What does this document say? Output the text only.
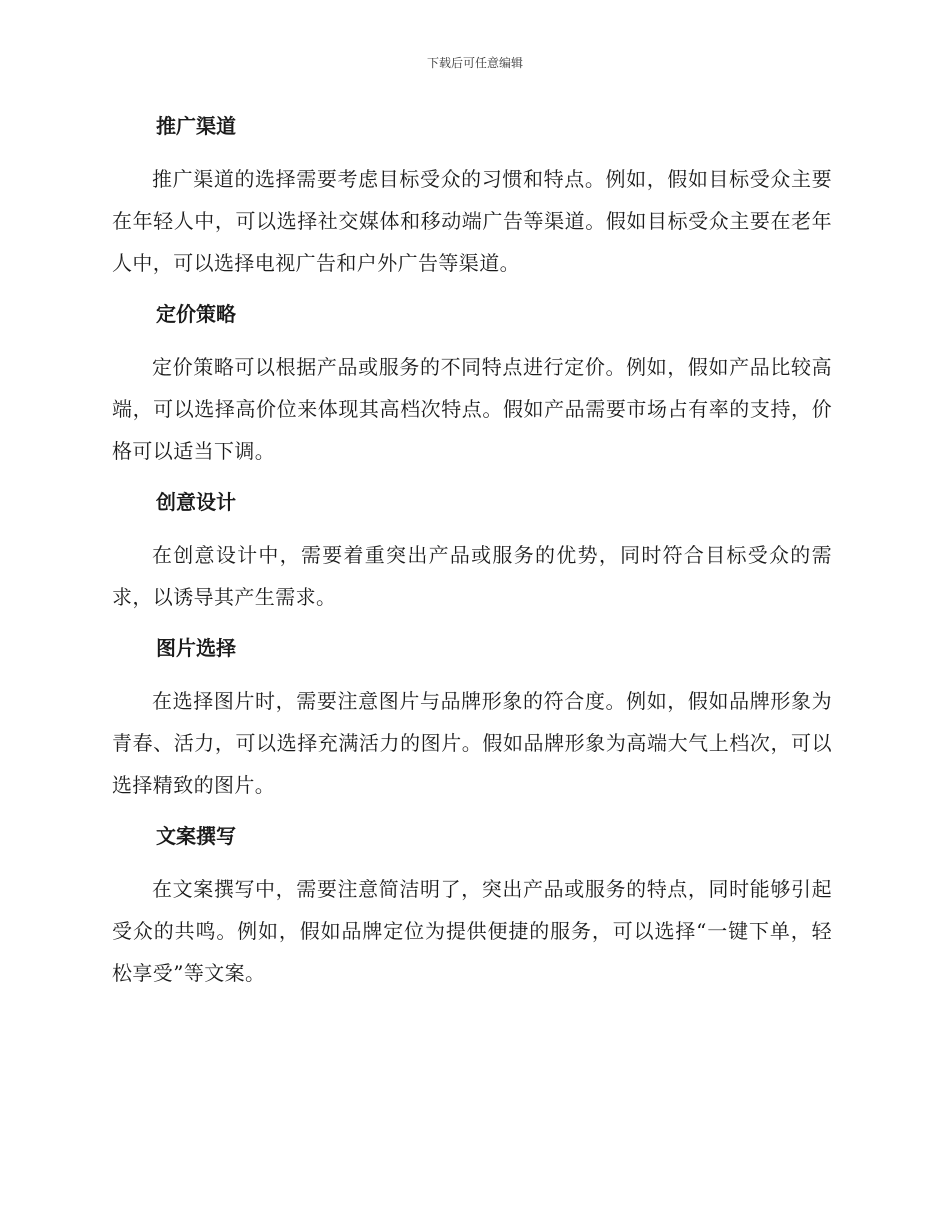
下载后可任意编辑
推广渠道

推广渠道的选择需要考虑目标受众的习惯和特点。例如，假如目标受众主要在年轻人中，可以选择社交媒体和移动端广告等渠道。假如目标受众主要在老年人中，可以选择电视广告和户外广告等渠道。

定价策略

定价策略可以根据产品或服务的不同特点进行定价。例如，假如产品比较高端，可以选择高价位来体现其高档次特点。假如产品需要市场占有率的支持，价格可以适当下调。

创意设计

在创意设计中，需要着重突出产品或服务的优势，同时符合目标受众的需求，以诱导其产生需求。

图片选择

在选择图片时，需要注意图片与品牌形象的符合度。例如，假如品牌形象为青春、活力，可以选择充满活力的图片。假如品牌形象为高端大气上档次，可以选择精致的图片。

文案撰写

在文案撰写中，需要注意简洁明了，突出产品或服务的特点，同时能够引起受众的共鸣。例如，假如品牌定位为提供便捷的服务，可以选择“一键下单，轻松享受”等文案。
